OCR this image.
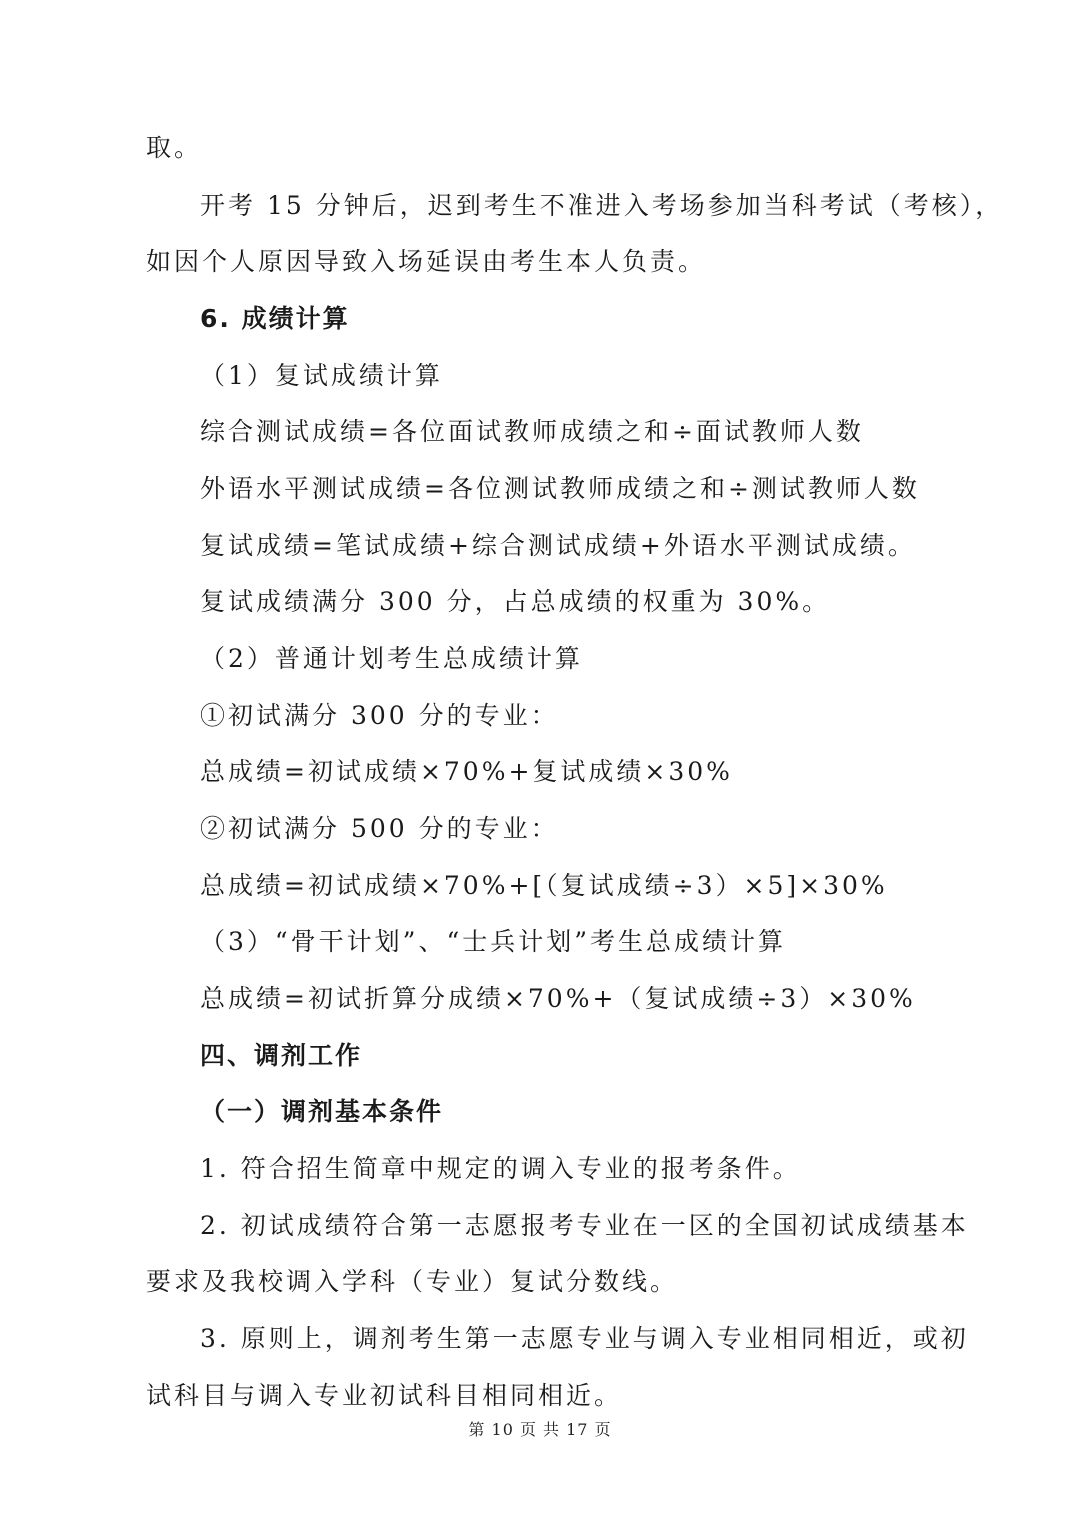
取。
开考 15 分钟后，迟到考生不准进入考场参加当科考试（考核），
如因个人原因导致入场延误由考生本人负责。
6. 成绩计算
（1）复试成绩计算
综合测试成绩=各位面试教师成绩之和÷面试教师人数
外语水平测试成绩=各位测试教师成绩之和÷测试教师人数
复试成绩=笔试成绩+综合测试成绩+外语水平测试成绩。
复试成绩满分 300 分，占总成绩的权重为 30%。
（2）普通计划考生总成绩计算
①初试满分 300 分的专业：
总成绩=初试成绩×70%+复试成绩×30%
②初试满分 500 分的专业：
总成绩=初试成绩×70%+[（复试成绩÷3）×5]×30%
（3）“骨干计划”、“士兵计划”考生总成绩计算
总成绩=初试折算分成绩×70%+（复试成绩÷3）×30%
四、调剂工作
（一）调剂基本条件
1. 符合招生简章中规定的调入专业的报考条件。
2. 初试成绩符合第一志愿报考专业在一区的全国初试成绩基本
要求及我校调入学科（专业）复试分数线。
3. 原则上，调剂考生第一志愿专业与调入专业相同相近，或初
试科目与调入专业初试科目相同相近。
第 10 页 共 17 页
